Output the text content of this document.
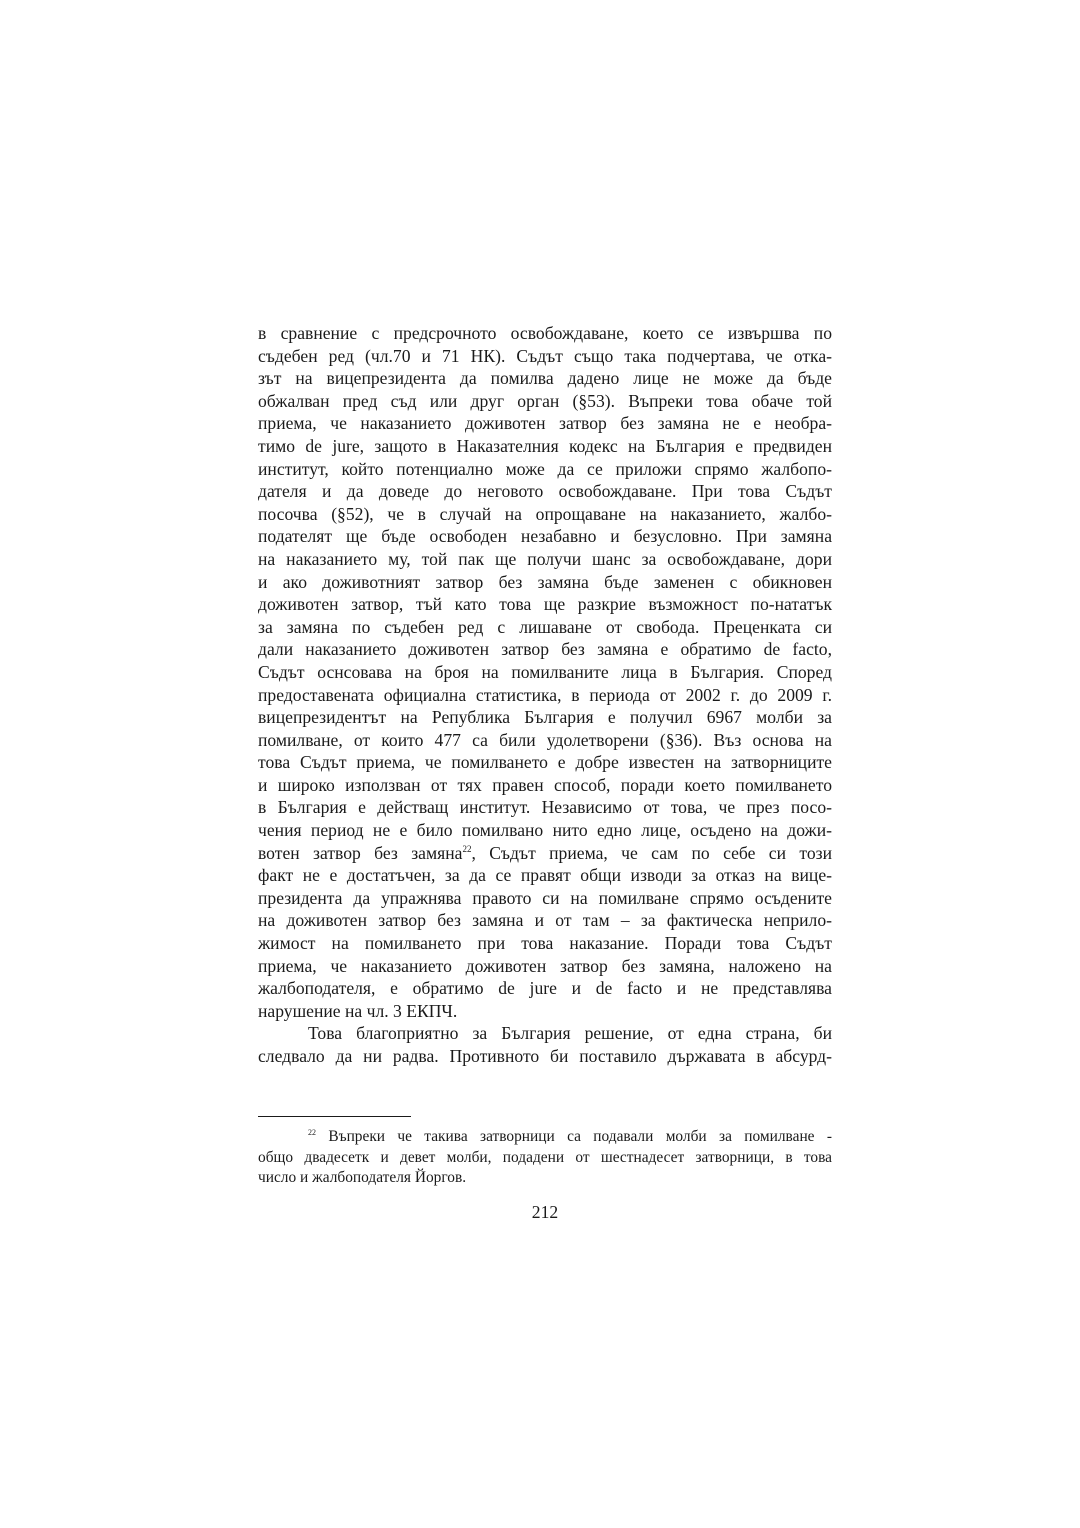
в сравнение с предсрочното освобождаване, което се извършва по
съдебен ред (чл.70 и 71 НК). Съдът също така подчертава, че отка-
зът на вицепрезидента да помилва дадено лице не може да бъде
обжалван пред съд или друг орган (§53). Въпреки това обаче той
приема, че наказанието доживотен затвор без замяна не е необра-
тимо de jure, защото в Наказателния кодекс на България е предвиден
институт, който потенциално може да се приложи спрямо жалбопо-
дателя и да доведе до неговото освобождаване. При това Съдът
посочва (§52), че в случай на опрощаване на наказанието, жалбо-
подателят ще бъде освободен незабавно и безусловно. При замяна
на наказанието му, той пак ще получи шанс за освобождаване, дори
и ако доживотният затвор без замяна бъде заменен с обикновен
доживотен затвор, тъй като това ще разкрие възможност по-нататък
за замяна по съдебен ред с лишаване от свобода. Преценката си
дали наказанието доживотен затвор без замяна е обратимо de facto,
Съдът оснсовава на броя на помилваните лица в България. Според
предоставената официална статистика, в периода от 2002 г. до 2009 г.
вицепрезидентът на Република България е получил 6967 молби за
помилване, от които 477 са били удолетворени (§36). Въз основа на
това Съдът приема, че помилването е добре известен на затворниците
и широко използван от тях правен способ, поради което помилването
в България е действащ институт. Независимо от това, че през посо-
чения период не е било помилвано нито едно лице, осъдено на дожи-
вотен затвор без замяна$^{22}$, Съдът приема, че сам по себе си този
факт не е достатъчен, за да се правят общи изводи за отказ на вице-
президента да упражнява правото си на помилване спрямо осъдените
на доживотен затвор без замяна и от там – за фактическа неприло-
жимост на помилването при това наказание. Поради това Съдът
приема, че наказанието доживотен затвор без замяна, наложено на
жалбоподателя, е обратимо de jure и de facto и не представлява
нарушение на чл. 3 ЕКПЧ.
Това благоприятно за България решение, от една страна, би
следвало да ни радва. Противното би поставило държавата в абсурд-
$^{22}$ Въпреки че такива затворници са подавали молби за помилване -
общо двадесетк и девет молби, подадени от шестнадесет затворници, в това
число и жалбоподателя Йоргов.
212
